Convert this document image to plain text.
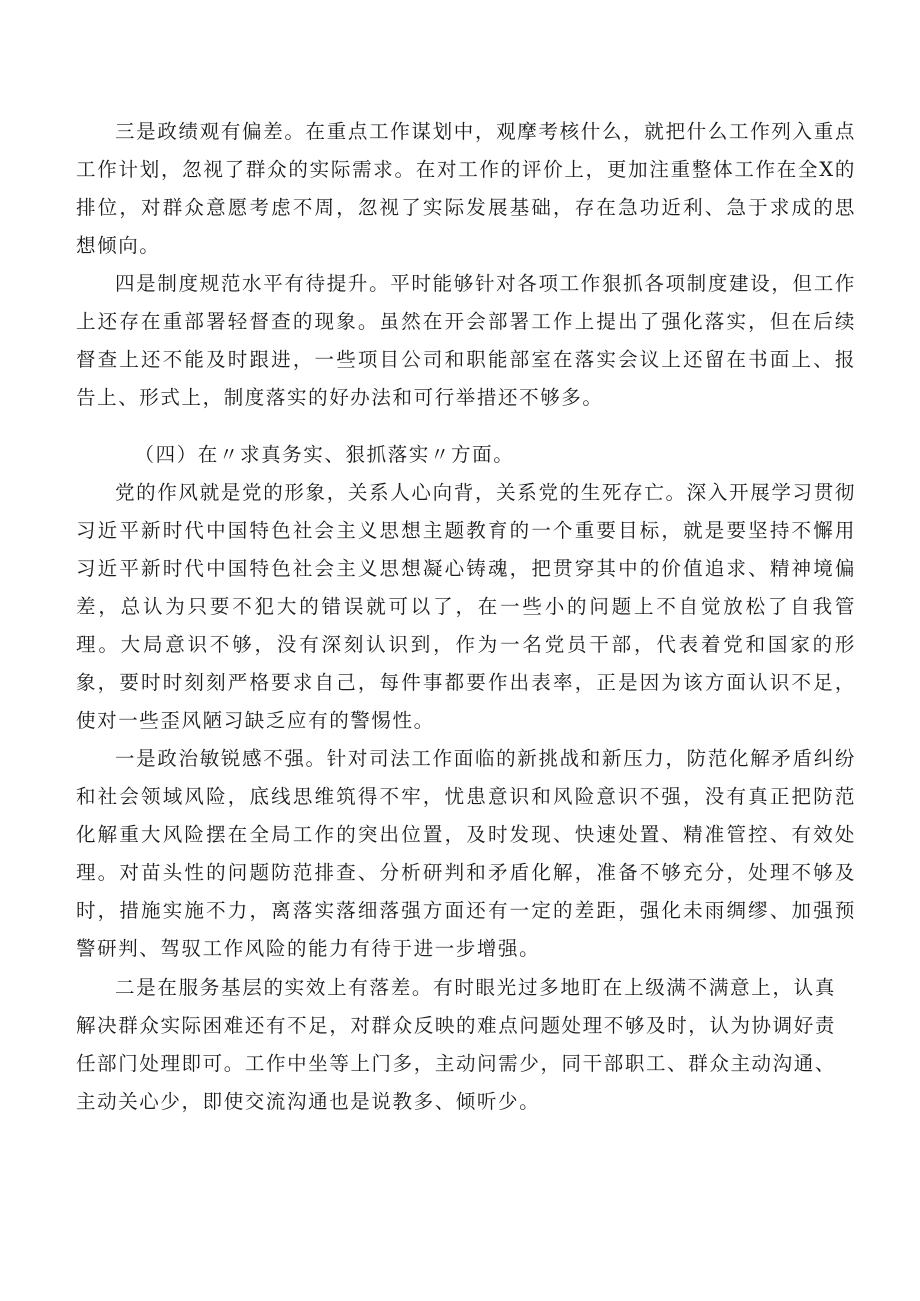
三是政绩观有偏差。在重点工作谋划中，观摩考核什么，就把什么工作列入重点工作计划，忽视了群众的实际需求。在对工作的评价上，更加注重整体工作在全X的排位，对群众意愿考虑不周，忽视了实际发展基础，存在急功近利、急于求成的思想倾向。

四是制度规范水平有待提升。平时能够针对各项工作狠抓各项制度建设，但工作上还存在重部署轻督查的现象。虽然在开会部署工作上提出了强化落实，但在后续督查上还不能及时跟进，一些项目公司和职能部室在落实会议上还留在书面上、报告上、形式上，制度落实的好办法和可行举措还不够多。

（四）在〃求真务实、狠抓落实〃方面。

党的作风就是党的形象，关系人心向背，关系党的生死存亡。深入开展学习贯彻习近平新时代中国特色社会主义思想主题教育的一个重要目标，就是要坚持不懈用习近平新时代中国特色社会主义思想凝心铸魂，把贯穿其中的价值追求、精神境偏差，总认为只要不犯大的错误就可以了，在一些小的问题上不自觉放松了自我管理。大局意识不够，没有深刻认识到，作为一名党员干部，代表着党和国家的形象，要时时刻刻严格要求自己，每件事都要作出表率，正是因为该方面认识不足，使对一些歪风陋习缺乏应有的警惕性。

一是政治敏锐感不强。针对司法工作面临的新挑战和新压力，防范化解矛盾纠纷和社会领域风险，底线思维筑得不牢，忧患意识和风险意识不强，没有真正把防范化解重大风险摆在全局工作的突出位置，及时发现、快速处置、精准管控、有效处理。对苗头性的问题防范排查、分析研判和矛盾化解，准备不够充分，处理不够及时，措施实施不力，离落实落细落强方面还有一定的差距，强化未雨绸缪、加强预警研判、驾驭工作风险的能力有待于进一步增强。

二是在服务基层的实效上有落差。有时眼光过多地盯在上级满不满意上，认真解决群众实际困难还有不足，对群众反映的难点问题处理不够及时，认为协调好责任部门处理即可。工作中坐等上门多，主动问需少，同干部职工、群众主动沟通、主动关心少，即使交流沟通也是说教多、倾听少。
